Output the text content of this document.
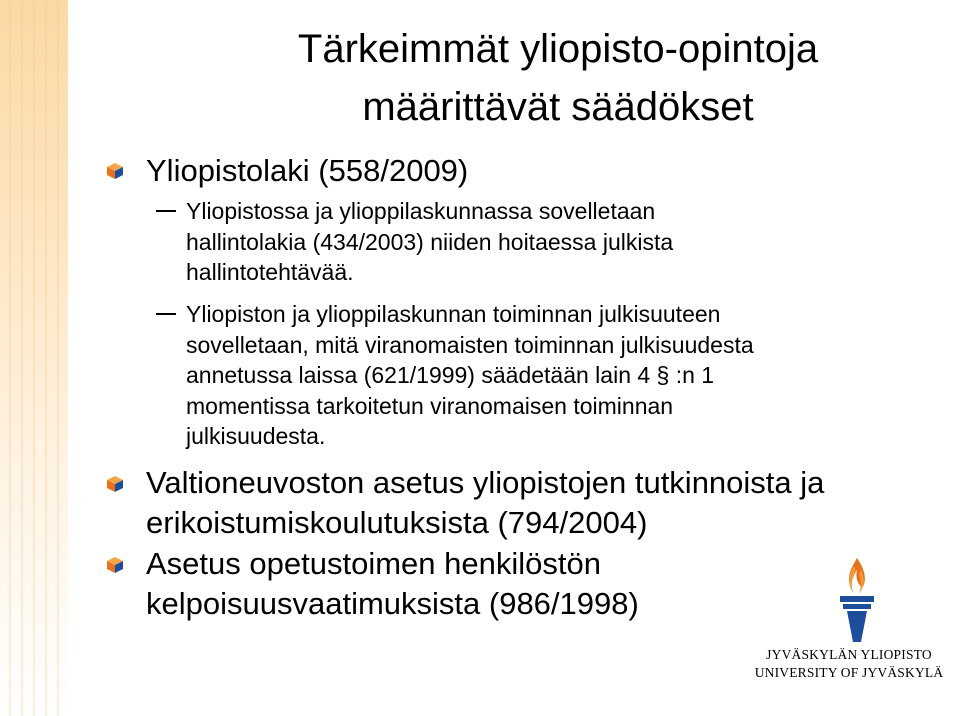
Tärkeimmät yliopisto-opintoja
määrittävät säädökset

Yliopistolaki (558/2009)

Yliopistossa ja ylioppilaskunnassa sovelletaan
hallintolakia (434/2003) niiden hoitaessa julkista
hallintotehtävää.

Yliopiston ja ylioppilaskunnan toiminnan julkisuuteen
sovelletaan, mitä viranomaisten toiminnan julkisuudesta
annetussa laissa (621/1999) säädetään lain 4 § :n 1
momentissa tarkoitetun viranomaisen toiminnan
julkisuudesta.

Valtioneuvoston asetus yliopistojen tutkinnoista ja
erikoistumiskoulutuksista (794/2004)

Asetus opetustoimen henkilöstön
kelpoisuusvaatimuksista (986/1998)

JYVÄSKYLÄN YLIOPISTO
UNIVERSITY OF JYVÄSKYLÄ
